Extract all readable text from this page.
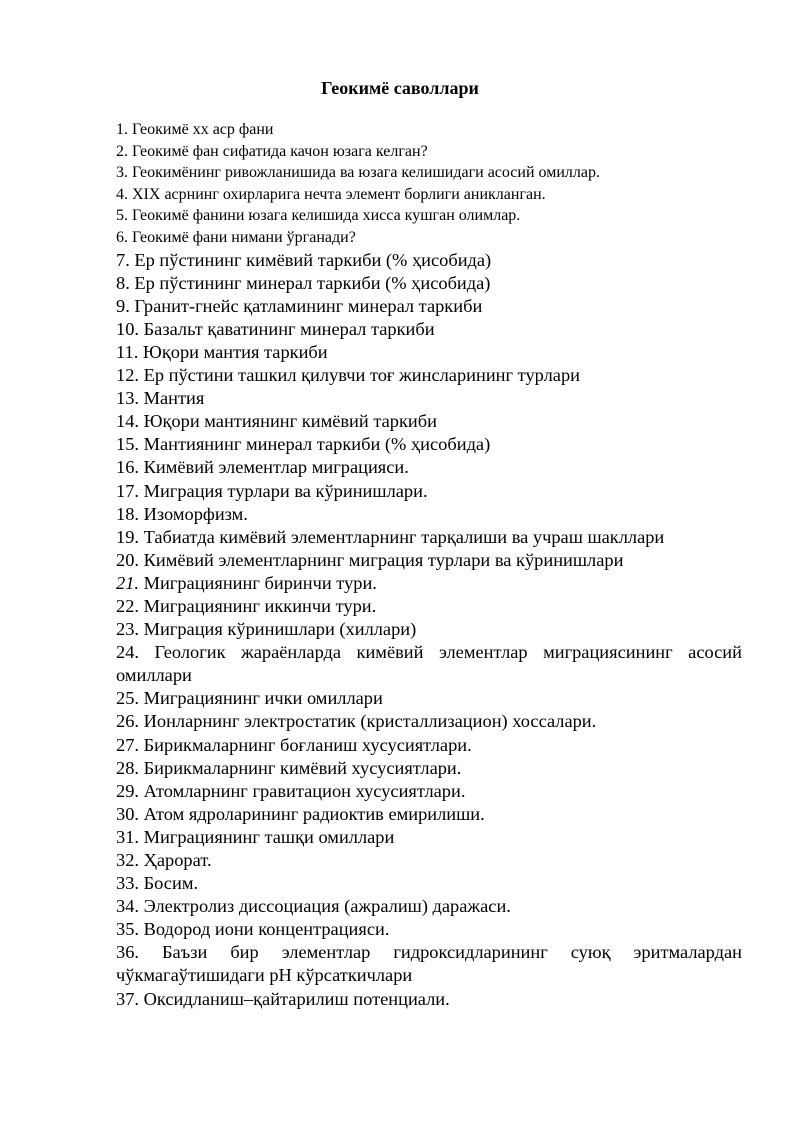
Геокимё саволлари
1. Геокимё хх аср фани
2. Геокимё фан сифатида качон юзага келган?
3. Геокимёнинг ривожланишида ва юзага келишидаги асосий омиллар.
4. XIX асрнинг охирларига нечта элемент борлиги аникланган.
5. Геокимё фанини юзага келишида хисса кушган олимлар.
6. Геокимё фани нимани ўрганади?
7. Ер пўстининг кимёвий таркиби (% ҳисобида)
8. Ер пўстининг минерал таркиби (% ҳисобида)
9. Гранит-гнейс қатламининг минерал таркиби
10. Базальт қаватининг минерал таркиби
11. Юқори мантия таркиби
12. Ер пўстини ташкил қилувчи тоғ жинсларининг турлари
13. Мантия
14. Юқори мантиянинг кимёвий таркиби
15. Мантиянинг минерал таркиби (% ҳисобида)
16. Кимёвий элементлар миграцияси.
17. Миграция турлари ва кўринишлари.
18. Изоморфизм.
19. Табиатда кимёвий элементларнинг тарқалиши ва учраш шакллари
20. Кимёвий элементларнинг миграция турлари ва кўринишлари
21. Миграциянинг биринчи тури.
22. Миграциянинг иккинчи тури.
23. Миграция кўринишлари (хиллари)
24. Геологик жараёнларда кимёвий элементлар миграциясининг асосий омиллари
25. Миграциянинг ички омиллари
26. Ионларнинг электростатик (кристаллизацион) хоссалари.
27. Бирикмаларнинг боғланиш хусусиятлари.
28. Бирикмаларнинг кимёвий хусусиятлари.
29. Атомларнинг гравитацион хусусиятлари.
30. Атом ядроларининг радиоктив емирилиши.
31. Миграциянинг ташқи омиллари
32. Ҳарорат.
33. Босим.
34. Электролиз диссоциация (ажралиш) даражаси.
35. Водород иони концентрацияси.
36. Баъзи бир элементлар гидроксидларининг суюқ эритмалардан чўкмагаўтишидаги pH кўрсаткичлари
37. Оксидланиш–қайтарилиш потенциали.
